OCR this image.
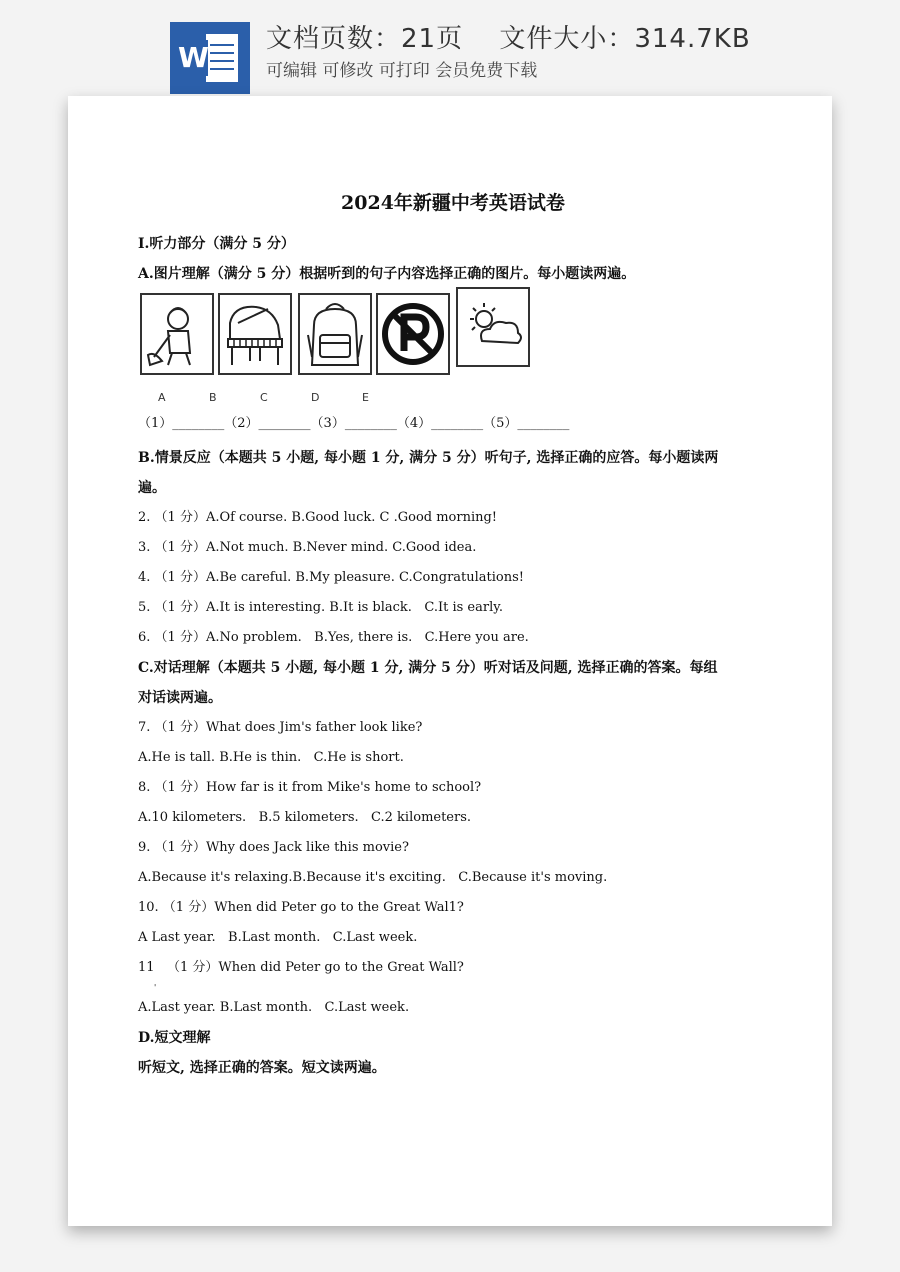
W
文档页数：21页　 文件大小：314.7KB
可编辑 可修改 可打印 会员免费下载
2024年新疆中考英语试卷
I.听力部分（满分 5 分）
A.图片理解（满分 5 分）根据听到的句子内容选择正确的图片。每小题读两遍。
A	B	C	D	E
（1）________（2）________（3）________（4）________（5）________
B.情景反应（本题共 5 小题, 每小题 1 分, 满分 5 分）听句子, 选择正确的应答。每小题读两
遍。
2. （1 分）A.Of course. B.Good luck. C .Good morning!
3. （1 分）A.Not much. B.Never mind. C.Good idea.
4. （1 分）A.Be careful. B.My pleasure. C.Congratulations!
5. （1 分）A.It is interesting. B.It is black.   C.It is early.
6. （1 分）A.No problem.   B.Yes, there is.   C.Here you are.
C.对话理解（本题共 5 小题, 每小题 1 分, 满分 5 分）听对话及问题, 选择正确的答案。每组
对话读两遍。
7. （1 分）What does Jim's father look like?
A.He is tall. B.He is thin.   C.He is short.
8. （1 分）How far is it from Mike's home to school?
A.10 kilometers.   B.5 kilometers.   C.2 kilometers.
9. （1 分）Why does Jack like this movie?
A.Because it's relaxing.B.Because it's exciting.   C.Because it's moving.
10. （1 分）When did Peter go to the Great Wal1?
A Last year.   B.Last month.   C.Last week.
11   （1 分）When did Peter go to the Great Wall?
'
A.Last year. B.Last month.   C.Last week.
D.短文理解
听短文, 选择正确的答案。短文读两遍。
